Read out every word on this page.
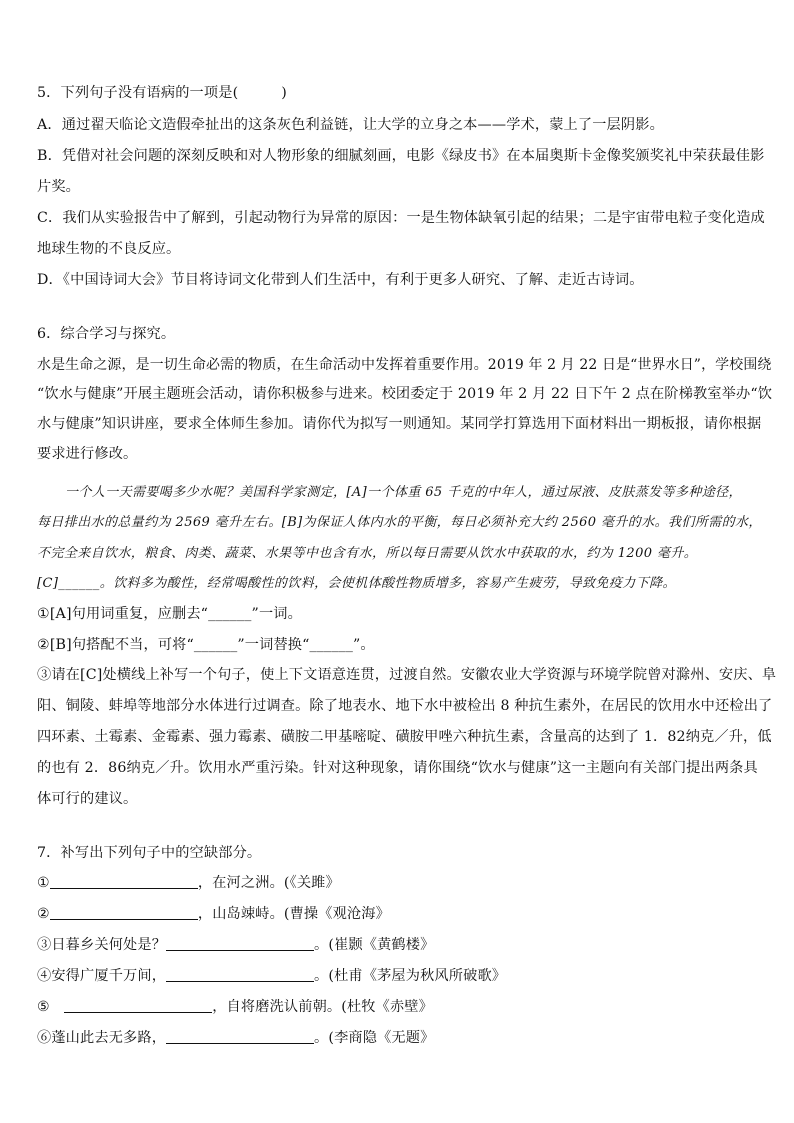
5．下列句子没有语病的一项是(　　　)
A．通过翟天临论文造假牵扯出的这条灰色利益链，让大学的立身之本——学术，蒙上了一层阴影。
B．凭借对社会问题的深刻反映和对人物形象的细腻刻画，电影《绿皮书》在本届奥斯卡金像奖颁奖礼中荣获最佳影
片奖。
C．我们从实验报告中了解到，引起动物行为异常的原因：一是生物体缺氧引起的结果；二是宇宙带电粒子变化造成
地球生物的不良反应。
D．《中国诗词大会》节目将诗词文化带到人们生活中，有利于更多人研究、了解、走近古诗词。
6．综合学习与探究。
水是生命之源，是一切生命必需的物质，在生命活动中发挥着重要作用。2019 年 2 月 22 日是“世界水日”，学校围绕
“饮水与健康”开展主题班会活动，请你积极参与进来。校团委定于 2019 年 2 月 22 日下午 2 点在阶梯教室举办“饮
水与健康”知识讲座，要求全体师生参加。请你代为拟写一则通知。某同学打算选用下面材料出一期板报，请你根据
要求进行修改。
一个人一天需要喝多少水呢？美国科学家测定，[A]一个体重 65 千克的中年人，通过尿液、皮肤蒸发等多种途径，
每日排出水的总量约为 2569 毫升左右。[B]为保证人体内水的平衡，每日必须补充大约 2560 毫升的水。我们所需的水，
不完全来自饮水，粮食、肉类、蔬菜、水果等中也含有水，所以每日需要从饮水中获取的水，约为 1200 毫升。
[C]______。饮料多为酸性，经常喝酸性的饮料，会使机体酸性物质增多，容易产生疲劳，导致免疫力下降。
①[A]句用词重复，应删去“______”一词。
②[B]句搭配不当，可将“______”一词替换“______”。
③请在[C]处横线上补写一个句子，使上下文语意连贯，过渡自然。安徽农业大学资源与环境学院曾对滁州、安庆、阜
阳、铜陵、蚌埠等地部分水体进行过调查。除了地表水、地下水中被检出 8 种抗生素外，在居民的饮用水中还检出了
四环素、土霉素、金霉素、强力霉素、磺胺二甲基嘧啶、磺胺甲唑六种抗生素，含量高的达到了 1．82纳克／升，低
的也有 2．86纳克／升。饮用水严重污染。针对这种现象，请你围绕“饮水与健康”这一主题向有关部门提出两条具
体可行的建议。
7．补写出下列句子中的空缺部分。
①	，在河之洲。(《关雎》
②	，山岛竦峙。(曹操《观沧海》
③日暮乡关何处是？	。(崔颢《黄鹤楼》
④安得广厦千万间，	。(杜甫《茅屋为秋风所破歌》
⑤　	，自将磨洗认前朝。(杜牧《赤壁》
⑥蓬山此去无多路，	。(李商隐《无题》
